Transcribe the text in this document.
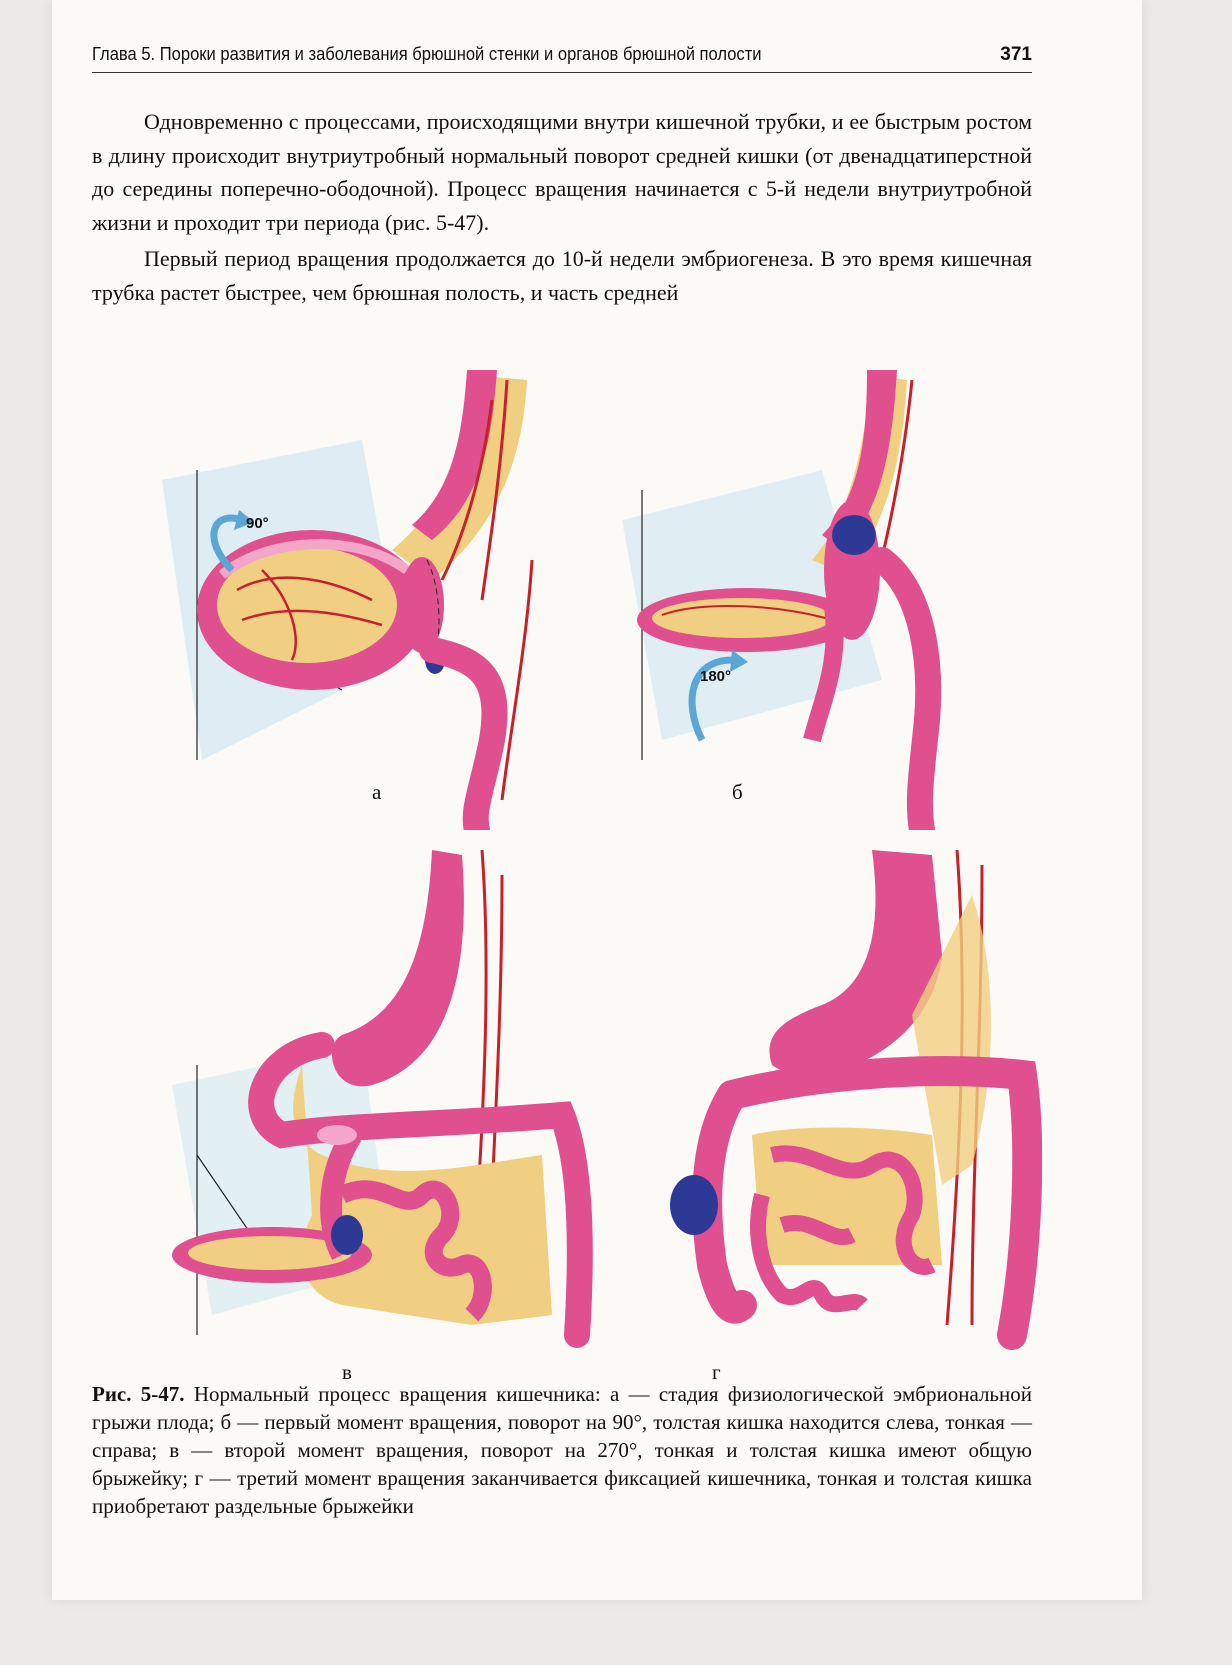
Глава 5. Пороки развития и заболевания брюшной стенки и органов брюшной полости	371

Одновременно с процессами, происходящими внутри кишечной трубки, и ее быстрым ростом в длину происходит внутриутробный нормальный поворот средней кишки (от двенадцатиперстной до середины поперечно-ободочной). Процесс вращения начинается с 5-й недели внутриутробной жизни и проходит три периода (рис. 5-47).

Первый период вращения продолжается до 10-й недели эмбриогенеза. В это время кишечная трубка растет быстрее, чем брюшная полость, и часть средней

90°
а
180°
б
в	г
Рис. 5-47. Нормальный процесс вращения кишечника: а — стадия физиологической эмбриональной грыжи плода; б — первый момент вращения, поворот на 90°, толстая кишка находится слева, тонкая — справа; в — второй момент вращения, поворот на 270°, тонкая и толстая кишка имеют общую брыжейку; г — третий момент вращения заканчивается фиксацией кишечника, тонкая и толстая кишка приобретают раздельные брыжейки
